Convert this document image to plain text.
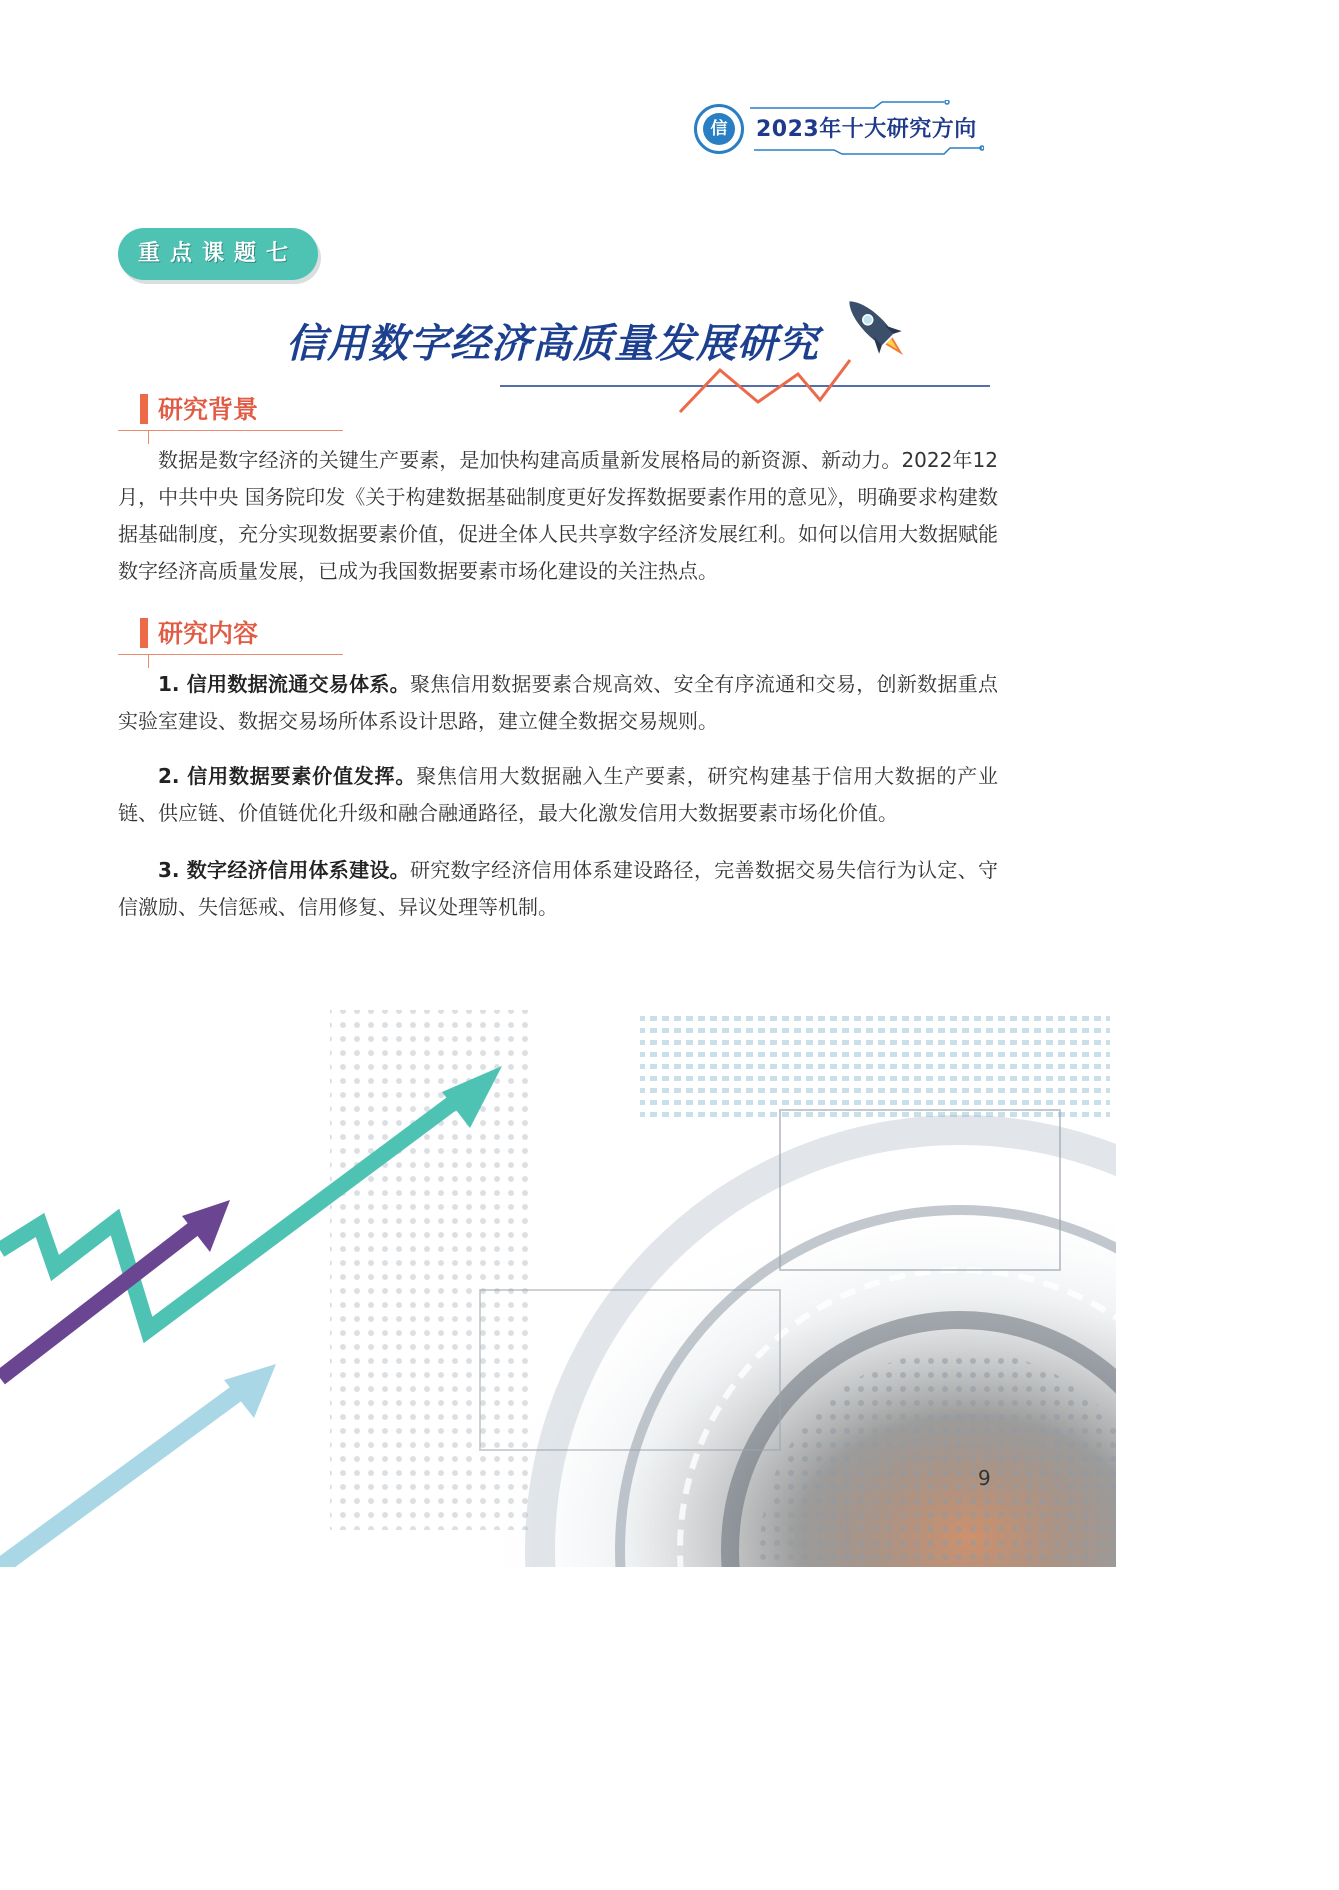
信	2023年十大研究方向
重点课题七
信用数字经济高质量发展研究
研究背景

数据是数字经济的关键生产要素，是加快构建高质量新发展格局的新资源、新动力。2022年12月，中共中央 国务院印发《关于构建数据基础制度更好发挥数据要素作用的意见》，明确要求构建数据基础制度，充分实现数据要素价值，促进全体人民共享数字经济发展红利。如何以信用大数据赋能数字经济高质量发展，已成为我国数据要素市场化建设的关注热点。

研究内容

1. 信用数据流通交易体系。聚焦信用数据要素合规高效、安全有序流通和交易，创新数据重点实验室建设、数据交易场所体系设计思路，建立健全数据交易规则。

2. 信用数据要素价值发挥。聚焦信用大数据融入生产要素，研究构建基于信用大数据的产业链、供应链、价值链优化升级和融合融通路径，最大化激发信用大数据要素市场化价值。

3. 数字经济信用体系建设。研究数字经济信用体系建设路径，完善数据交易失信行为认定、守信激励、失信惩戒、信用修复、异议处理等机制。

9
